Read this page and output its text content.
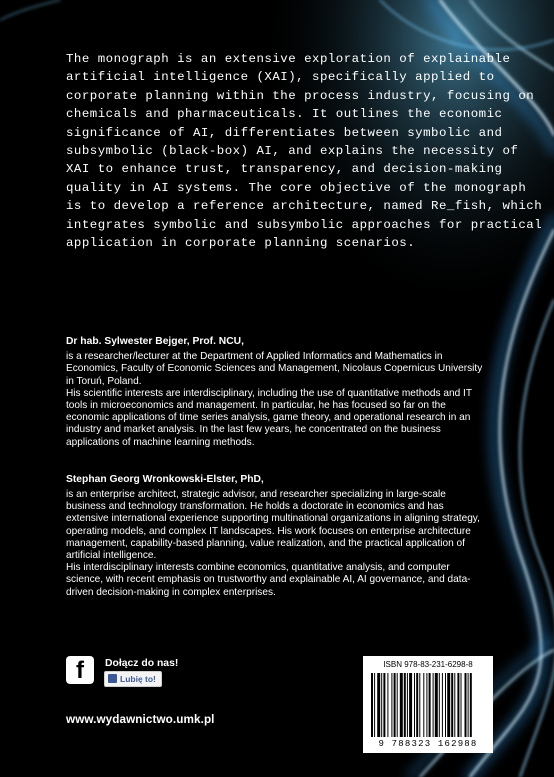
The monograph is an extensive exploration of explainable artificial intelligence (XAI), specifically applied to corporate planning within the process industry, focusing on chemicals and pharmaceuticals. It outlines the economic significance of AI, differentiates between symbolic and subsymbolic (black-box) AI, and explains the necessity of XAI to enhance trust, transparency, and decision-making quality in AI systems. The core objective of the monograph is to develop a reference architecture, named Re_fish, which integrates symbolic and subsymbolic approaches for practical application in corporate planning scenarios.

Dr hab. Sylwester Bejger, Prof. NCU,

is a researcher/lecturer at the Department of Applied Informatics and Mathematics in Economics, Faculty of Economic Sciences and Management, Nicolaus Copernicus University in Toruń, Poland.

His scientific interests are interdisciplinary, including the use of quantitative methods and IT tools in microeconomics and management. In particular, he has focused so far on the economic applications of time series analysis, game theory, and operational research in an industry and market analysis. In the last few years, he concentrated on the business applications of machine learning methods.

Stephan Georg Wronkowski-Elster, PhD,

is an enterprise architect, strategic advisor, and researcher specializing in large-scale business and technology transformation. He holds a doctorate in economics and has extensive international experience supporting multinational organizations in aligning strategy, operating models, and complex IT landscapes. His work focuses on enterprise architecture management, capability-based planning, value realization, and the practical application of artificial intelligence.

His interdisciplinary interests combine economics, quantitative analysis, and computer science, with recent emphasis on trustworthy and explainable AI, AI governance, and data-driven decision-making in complex enterprises.

f	Dołącz do nas!
Lubię to!
www.wydawnictwo.umk.pl
ISBN 978-83-231-6298-8
9 788323 162988
